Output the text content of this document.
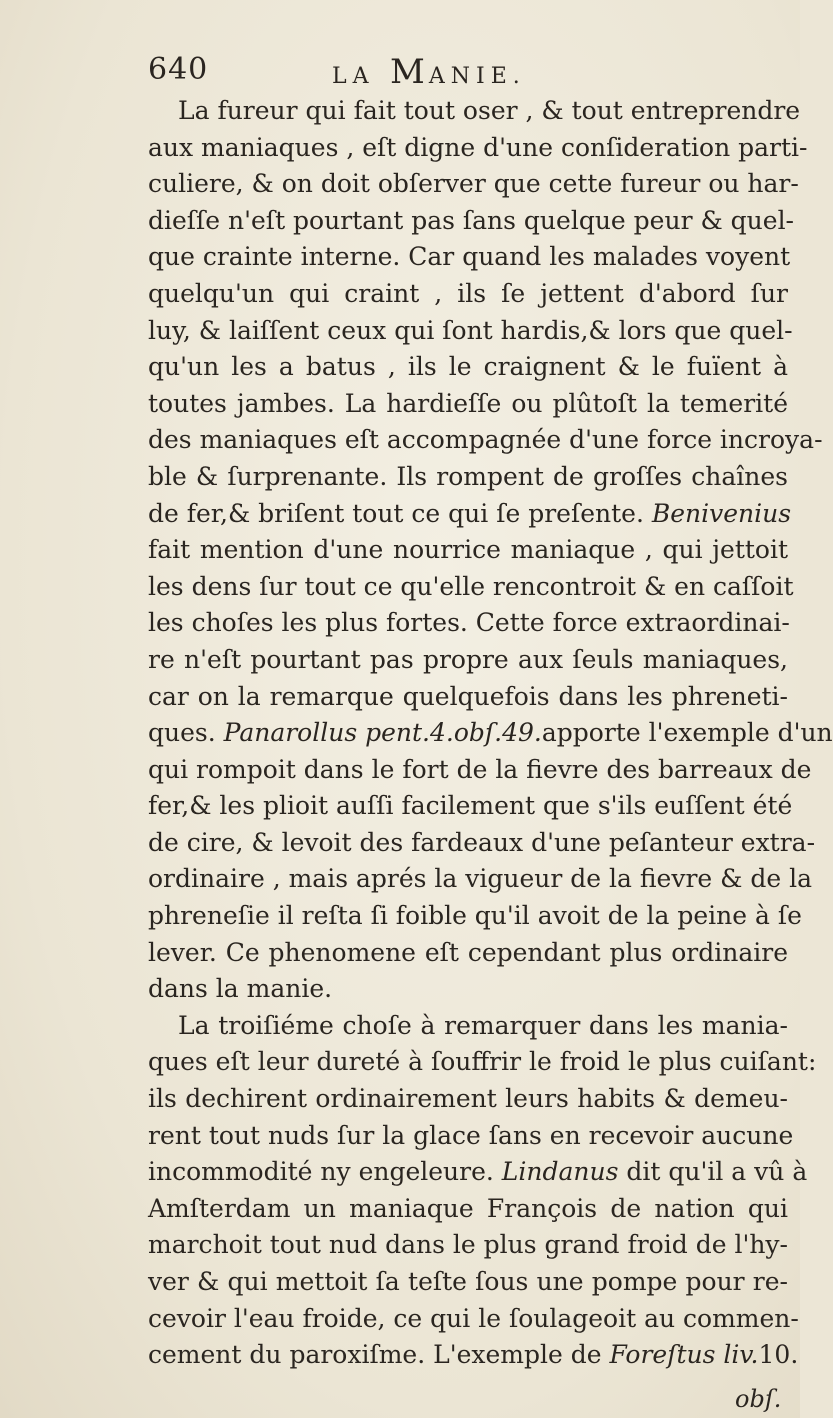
640	LA MANIE.
La fureur qui fait tout oser , & tout entreprendre
aux maniaques , eſt digne d'une conſideration parti-
culiere, & on doit obſerver que cette fureur ou har-
dieſſe n'eſt pourtant pas ſans quelque peur & quel-
que crainte interne. Car quand les malades voyent
quelqu'un qui craint , ils ſe jettent d'abord ſur
luy, & laiſſent ceux qui ſont hardis,& lors que quel-
qu'un les a batus , ils le craignent & le fuïent à
toutes jambes. La hardieſſe ou plûtoſt la temerité
des maniaques eſt accompagnée d'une force incroya-
ble & ſurprenante. Ils rompent de groſſes chaînes
de fer,& briſent tout ce qui ſe preſente. Benivenius
fait mention d'une nourrice maniaque , qui jettoit
les dens ſur tout ce qu'elle rencontroit & en caſſoit
les choſes les plus fortes. Cette force extraordinai-
re n'eſt pourtant pas propre aux ſeuls maniaques,
car on la remarque quelquefois dans les phreneti-
ques. Panarollus pent.4.obſ.49.apporte l'exemple d'un
qui rompoit dans le fort de la fievre des barreaux de
fer,& les plioit auſſi facilement que s'ils euſſent été
de cire, & levoit des fardeaux d'une peſanteur extra-
ordinaire , mais aprés la vigueur de la fievre & de la
phreneſie il reſta ſi foible qu'il avoit de la peine à ſe
lever. Ce phenomene eſt cependant plus ordinaire
dans la manie.
La troiſiéme choſe à remarquer dans les mania-
ques eſt leur dureté à ſouffrir le froid le plus cuiſant:
ils dechirent ordinairement leurs habits & demeu-
rent tout nuds ſur la glace ſans en recevoir aucune
incommodité ny engeleure. Lindanus dit qu'il a vû à
Amſterdam un maniaque François de nation qui
marchoit tout nud dans le plus grand froid de l'hy-
ver & qui mettoit ſa teſte ſous une pompe pour re-
cevoir l'eau froide, ce qui le ſoulageoit au commen-
cement du paroxiſme. L'exemple de Foreſtus liv.10.
obſ.
